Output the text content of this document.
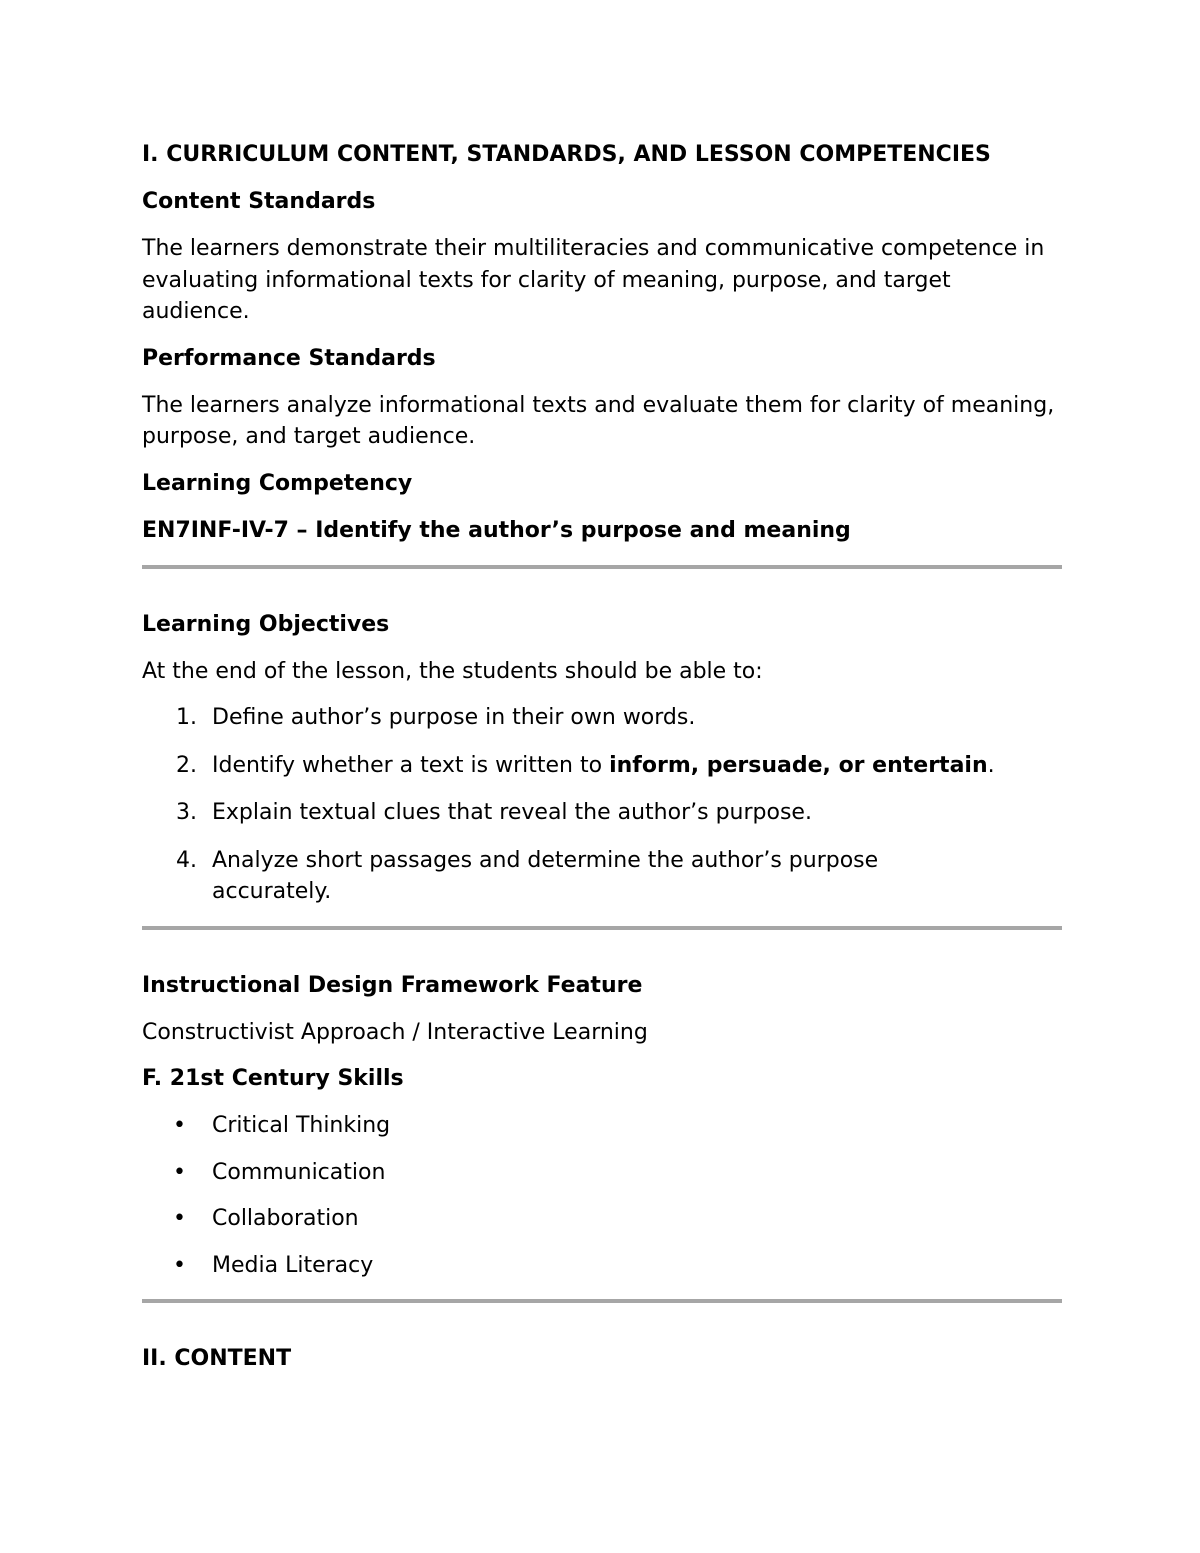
I. CURRICULUM CONTENT, STANDARDS, AND LESSON COMPETENCIES

Content Standards

The learners demonstrate their multiliteracies and communicative competence in evaluating informational texts for clarity of meaning, purpose, and target audience.

Performance Standards

The learners analyze informational texts and evaluate them for clarity of meaning, purpose, and target audience.

Learning Competency

EN7INF-IV-7 – Identify the author’s purpose and meaning

Learning Objectives

At the end of the lesson, the students should be able to:

1. Define author’s purpose in their own words.
2. Identify whether a text is written to inform, persuade, or entertain.
3. Explain textual clues that reveal the author’s purpose.
4. Analyze short passages and determine the author’s purpose accurately.

Instructional Design Framework Feature

Constructivist Approach / Interactive Learning

F. 21st Century Skills

• Critical Thinking
• Communication
• Collaboration
• Media Literacy

II. CONTENT
